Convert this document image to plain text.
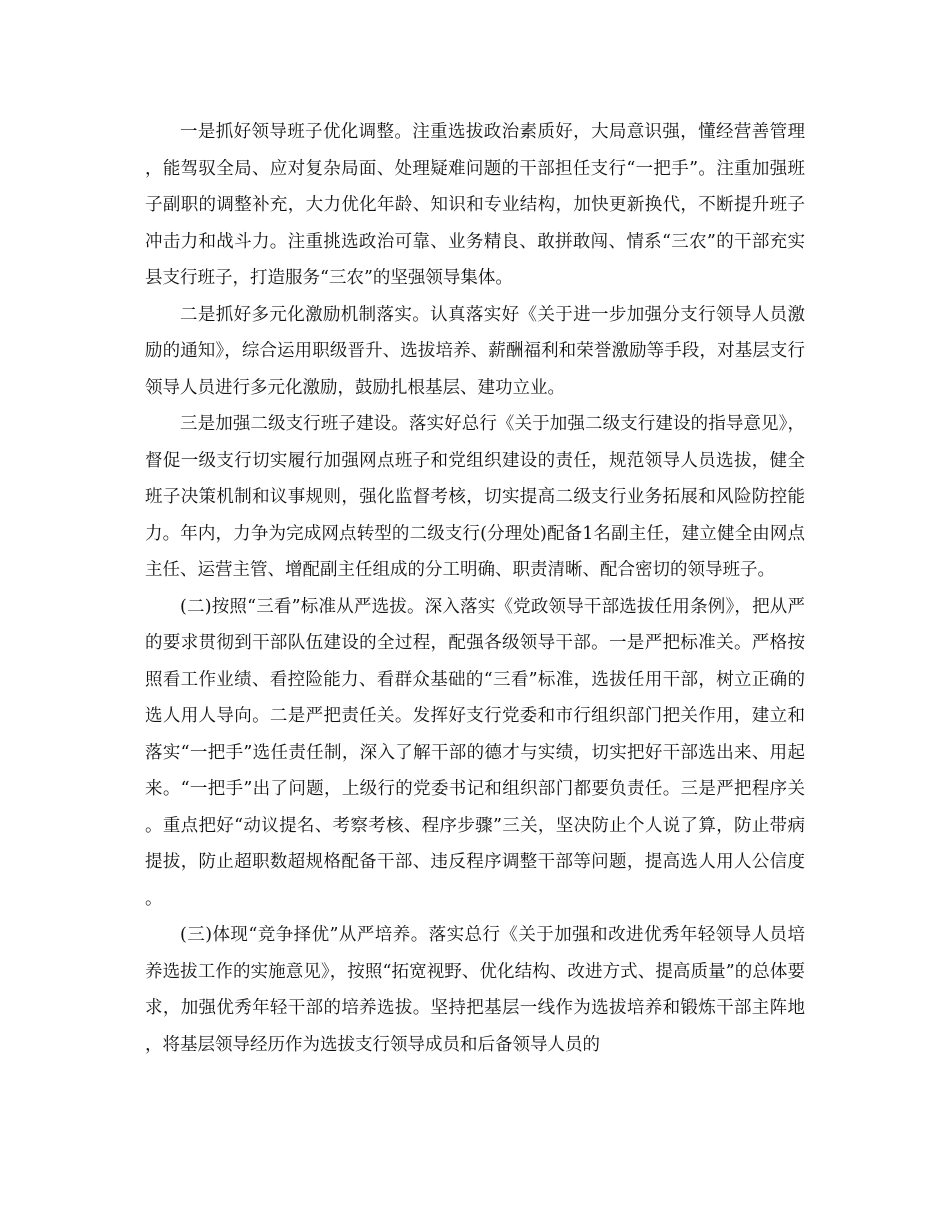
一是抓好领导班子优化调整。注重选拔政治素质好，大局意识强，懂经营善管理，能驾驭全局、应对复杂局面、处理疑难问题的干部担任支行“一把手”。注重加强班子副职的调整补充，大力优化年龄、知识和专业结构，加快更新换代，不断提升班子冲击力和战斗力。注重挑选政治可靠、业务精良、敢拼敢闯、情系“三农”的干部充实县支行班子，打造服务“三农”的坚强领导集体。

二是抓好多元化激励机制落实。认真落实好《关于进一步加强分支行领导人员激励的通知》，综合运用职级晋升、选拔培养、薪酬福利和荣誉激励等手段，对基层支行领导人员进行多元化激励，鼓励扎根基层、建功立业。

三是加强二级支行班子建设。落实好总行《关于加强二级支行建设的指导意见》，督促一级支行切实履行加强网点班子和党组织建设的责任，规范领导人员选拔，健全班子决策机制和议事规则，强化监督考核，切实提高二级支行业务拓展和风险防控能力。年内，力争为完成网点转型的二级支行(分理处)配备1名副主任，建立健全由网点主任、运营主管、增配副主任组成的分工明确、职责清晰、配合密切的领导班子。

(二)按照“三看”标准从严选拔。深入落实《党政领导干部选拔任用条例》，把从严的要求贯彻到干部队伍建设的全过程，配强各级领导干部。一是严把标准关。严格按照看工作业绩、看控险能力、看群众基础的“三看”标准，选拔任用干部，树立正确的选人用人导向。二是严把责任关。发挥好支行党委和市行组织部门把关作用，建立和落实“一把手”选任责任制，深入了解干部的德才与实绩，切实把好干部选出来、用起来。“一把手”出了问题，上级行的党委书记和组织部门都要负责任。三是严把程序关。重点把好“动议提名、考察考核、程序步骤”三关，坚决防止个人说了算，防止带病提拔，防止超职数超规格配备干部、违反程序调整干部等问题，提高选人用人公信度。

(三)体现“竞争择优”从严培养。落实总行《关于加强和改进优秀年轻领导人员培养选拔工作的实施意见》，按照“拓宽视野、优化结构、改进方式、提高质量”的总体要求，加强优秀年轻干部的培养选拔。坚持把基层一线作为选拔培养和锻炼干部主阵地，将基层领导经历作为选拔支行领导成员和后备领导人员的
